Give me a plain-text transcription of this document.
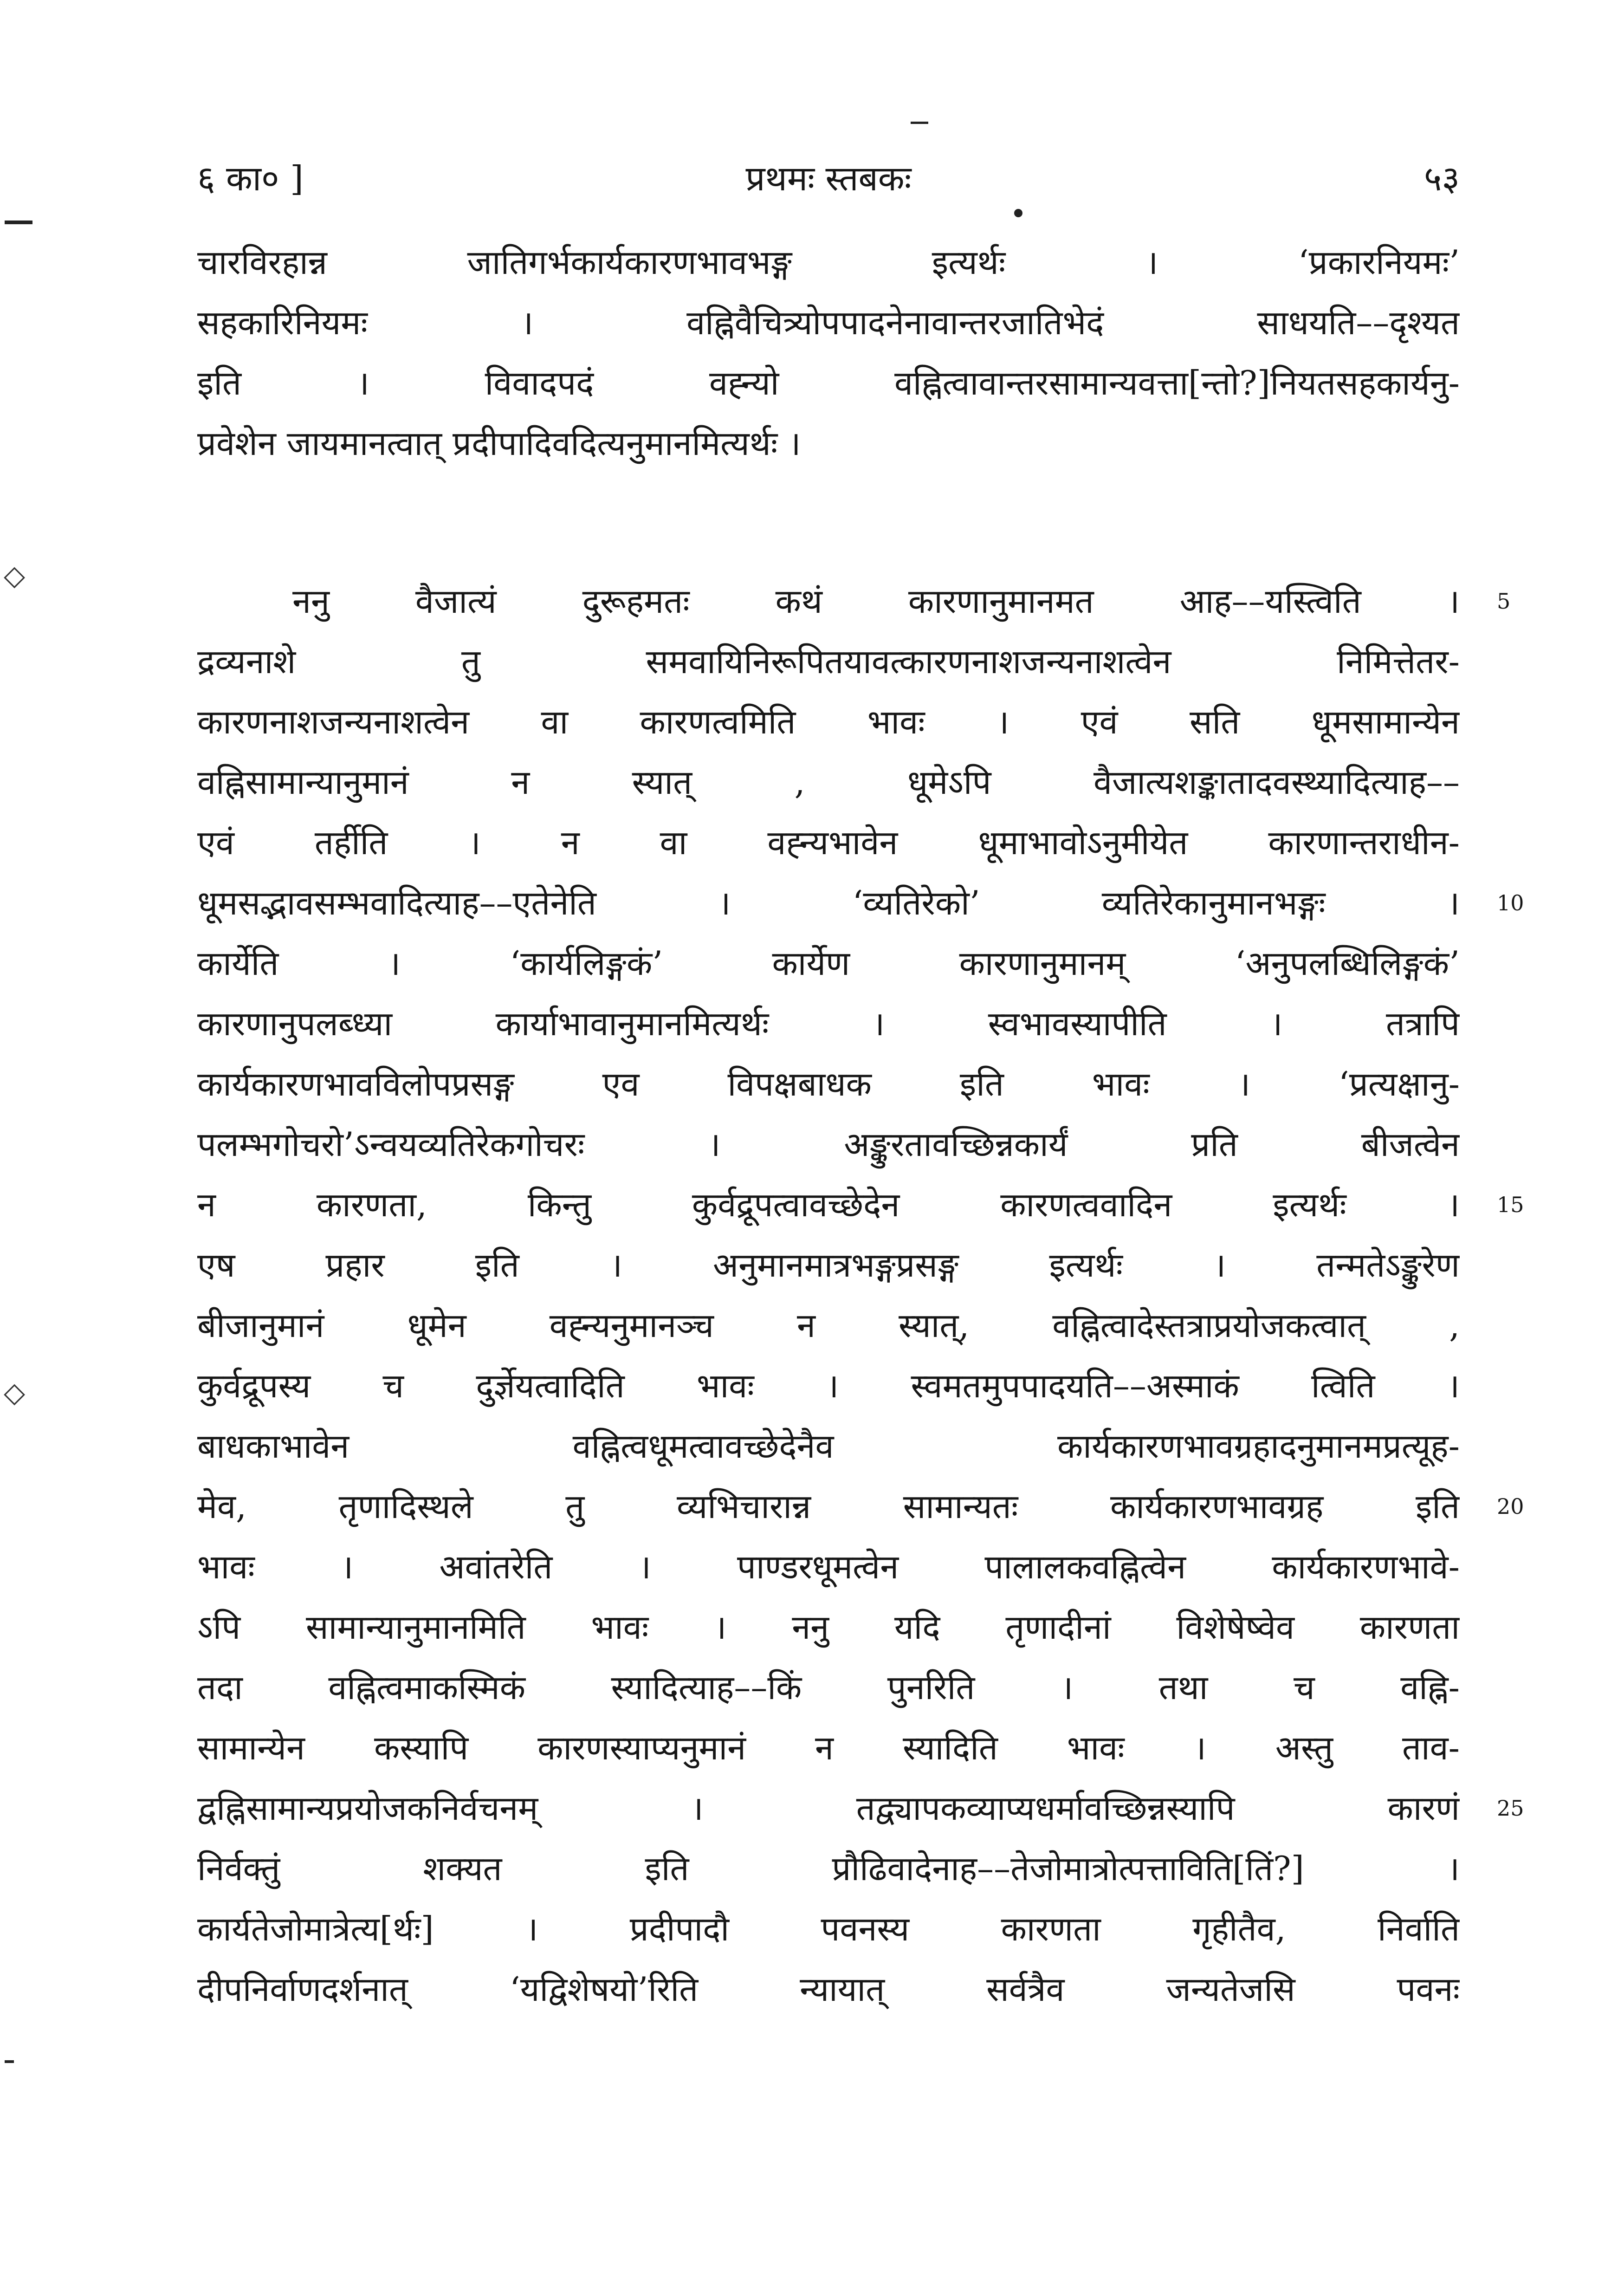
◇
◇
६ का० ]	प्रथमः स्तबकः	५३
चारविरहान्न जातिगर्भकार्यकारणभावभङ्ग इत्यर्थः । ‘प्रकारनियमः’
सहकारिनियमः । वह्निवैचित्र्योपपादनेनावान्तरजातिभेदं साधयति––दृश्यत
इति । विवादपदं वह्न्यो वह्नित्वावान्तरसामान्यवत्ता[न्तो?]नियतसहकार्यनु-
प्रवेशेन जायमानत्वात् प्रदीपादिवदित्यनुमानमित्यर्थः ।
ननु वैजात्यं दुरूहमतः कथं कारणानुमानमत आह––यस्त्विति ।
द्रव्यनाशे तु समवायिनिरूपितयावत्कारणनाशजन्यनाशत्वेन निमित्तेतर-
कारणनाशजन्यनाशत्वेन वा कारणत्वमिति भावः । एवं सति धूमसामान्येन
वह्निसामान्यानुमानं न स्यात् , धूमेऽपि वैजात्यशङ्कातादवस्थ्यादित्याह––
एवं तर्हीति । न वा वह्न्यभावेन धूमाभावोऽनुमीयेत कारणान्तराधीन-
धूमसद्भावसम्भवादित्याह––एतेनेति । ‘व्यतिरेको’ व्यतिरेकानुमानभङ्गः ।
कार्येति । ‘कार्यलिङ्गकं’ कार्येण कारणानुमानम् ‘अनुपलब्धिलिङ्गकं’
कारणानुपलब्ध्या कार्याभावानुमानमित्यर्थः । स्वभावस्यापीति । तत्रापि
कार्यकारणभावविलोपप्रसङ्ग एव विपक्षबाधक इति भावः । ‘प्रत्यक्षानु-
पलम्भगोचरो’ऽन्वयव्यतिरेकगोचरः । अङ्कुरतावच्छिन्नकार्यं प्रति बीजत्वेन
न कारणता, किन्तु कुर्वद्रूपत्वावच्छेदेन कारणत्ववादिन इत्यर्थः ।
एष प्रहार इति । अनुमानमात्रभङ्गप्रसङ्ग इत्यर्थः । तन्मतेऽङ्कुरेण
बीजानुमानं धूमेन वह्न्यनुमानञ्च न स्यात्, वह्नित्वादेस्तत्राप्रयोजकत्वात् ,
कुर्वद्रूपस्य च दुर्ज्ञेयत्वादिति भावः । स्वमतमुपपादयति––अस्माकं त्विति ।
बाधकाभावेन वह्नित्वधूमत्वावच्छेदेनैव कार्यकारणभावग्रहादनुमानमप्रत्यूह-
मेव, तृणादिस्थले तु व्यभिचारान्न सामान्यतः कार्यकारणभावग्रह इति
भावः । अवांतरेति । पाण्डरधूमत्वेन पालालकवह्नित्वेन कार्यकारणभावे-
ऽपि सामान्यानुमानमिति भावः । ननु यदि तृणादीनां विशेषेष्वेव कारणता
तदा वह्नित्वमाकस्मिकं स्यादित्याह––किं पुनरिति । तथा च वह्नि-
सामान्येन कस्यापि कारणस्याप्यनुमानं न स्यादिति भावः । अस्तु ताव-
द्वह्निसामान्यप्रयोजकनिर्वचनम् । तद्व्यापकव्याप्यधर्मावच्छिन्नस्यापि कारणं
निर्वक्तुं शक्यत इति प्रौढिवादेनाह––तेजोमात्रोत्पत्ताविति[तिं?] ।
कार्यतेजोमात्रेत्य[र्थः] । प्रदीपादौ पवनस्य कारणता गृहीतैव, निर्वाति
दीपनिर्वाणदर्शनात् ‘यद्विशेषयो’रिति न्यायात् सर्वत्रैव जन्यतेजसि पवनः
5
10
15
20
25
